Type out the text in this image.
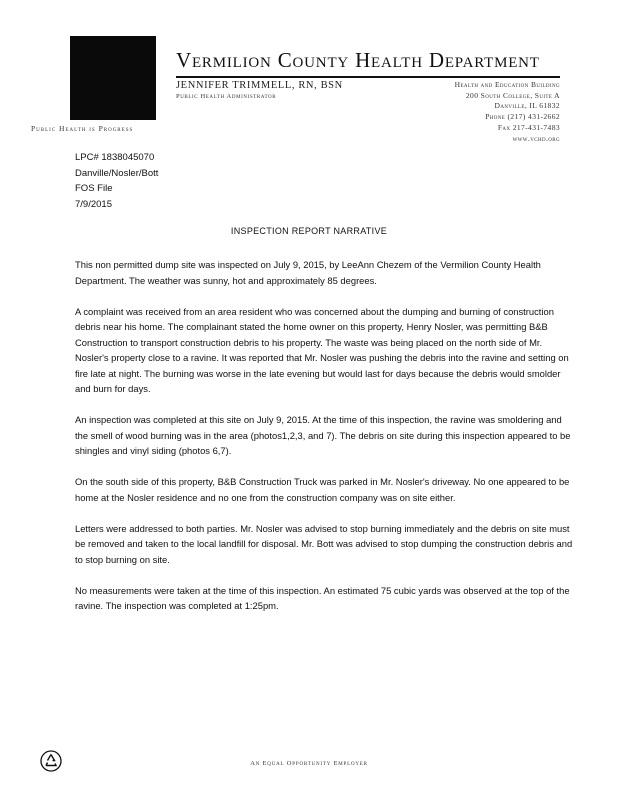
Public Health is Progress
Vermilion County Health Department
JENNIFER TRIMMELL, RN, BSN
Public Health Administrator
Health and Education Building
200 South College, Suite A
Danville, IL 61832
Phone (217) 431-2662
Fax 217-431-7483
www.vchd.org
LPC# 1838045070
Danville/Nosler/Bott
FOS File
7/9/2015
INSPECTION REPORT NARRATIVE

This non permitted dump site was inspected on July 9, 2015, by LeeAnn Chezem of the Vermilion County Health Department. The weather was sunny, hot and approximately 85 degrees.

A complaint was received from an area resident who was concerned about the dumping and burning of construction debris near his home. The complainant stated the home owner on this property, Henry Nosler, was permitting B&B Construction to transport construction debris to his property. The waste was being placed on the north side of Mr. Nosler's property close to a ravine. It was reported that Mr. Nosler was pushing the debris into the ravine and setting on fire late at night. The burning was worse in the late evening but would last for days because the debris would smolder and burn for days.

An inspection was completed at this site on July 9, 2015. At the time of this inspection, the ravine was smoldering and the smell of wood burning was in the area (photos1,2,3, and 7). The debris on site during this inspection appeared to be shingles and vinyl siding (photos 6,7).

On the south side of this property, B&B Construction Truck was parked in Mr. Nosler's driveway. No one appeared to be home at the Nosler residence and no one from the construction company was on site either.

Letters were addressed to both parties. Mr. Nosler was advised to stop burning immediately and the debris on site must be removed and taken to the local landfill for disposal. Mr. Bott was advised to stop dumping the construction debris and to stop burning on site.

No measurements were taken at the time of this inspection. An estimated 75 cubic yards was observed at the top of the ravine. The inspection was completed at 1:25pm.

An Equal Opportunity Employer
